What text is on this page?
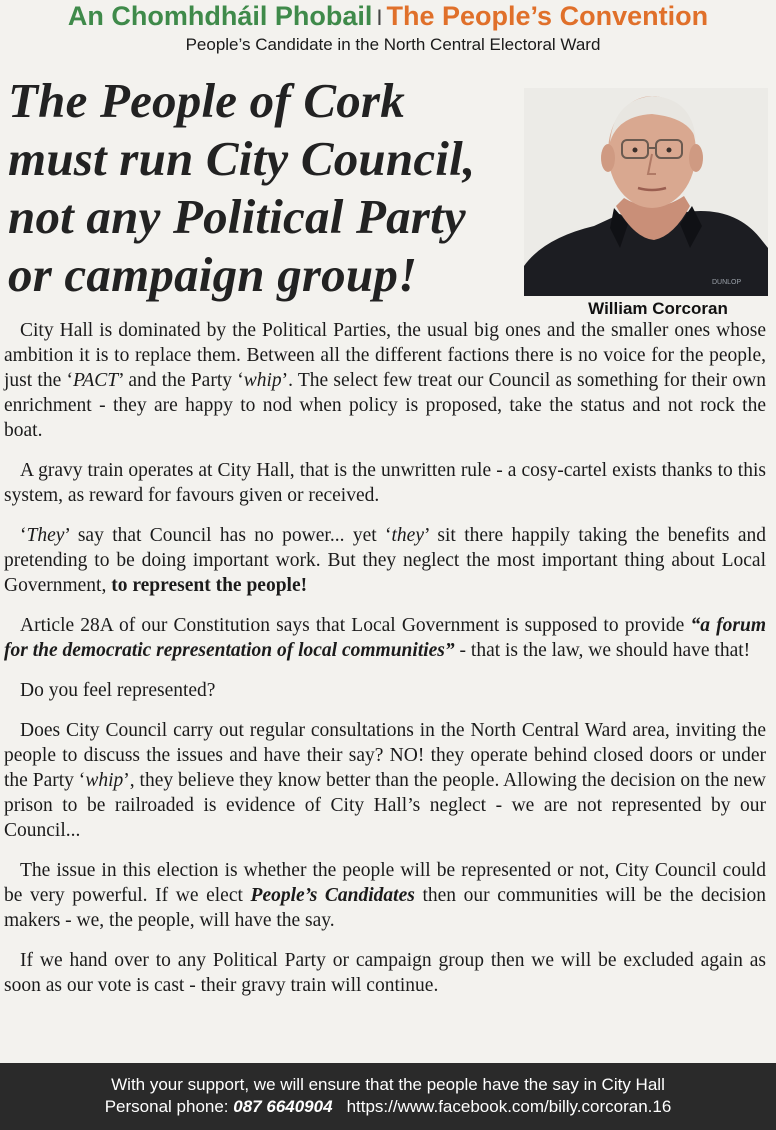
An Chomhdháil Phobail I The People’s Convention
People’s Candidate in the North Central Electoral Ward
The People of Cork
must run City Council,
not any Political Party
or campaign group!	DUNLOP
William Corcoran

City Hall is dominated by the Political Parties, the usual big ones and the smaller ones whose ambition it is to replace them. Between all the different factions there is no voice for the people, just the ‘PACT’ and the Party ‘whip’. The select few treat our Council as something for their own enrichment - they are happy to nod when policy is proposed, take the status and not rock the boat.

A gravy train operates at City Hall, that is the unwritten rule - a cosy-cartel exists thanks to this system, as reward for favours given or received.

‘They’ say that Council has no power... yet ‘they’ sit there happily taking the benefits and pretending to be doing important work. But they neglect the most important thing about Local Government, to represent the people!

Article 28A of our Constitution says that Local Government is supposed to provide “a forum for the democratic representation of local communities” - that is the law, we should have that!

Do you feel represented?

Does City Council carry out regular consultations in the North Central Ward area, inviting the people to discuss the issues and have their say? NO! they operate behind closed doors or under the Party ‘whip’, they believe they know better than the people. Allowing the decision on the new prison to be railroaded is evidence of City Hall’s neglect - we are not represented by our Council...

The issue in this election is whether the people will be represented or not, City Council could be very powerful. If we elect People’s Candidates then our communities will be the decision makers - we, the people, will have the say.

If we hand over to any Political Party or campaign group then we will be excluded again as soon as our vote is cast - their gravy train will continue.

With your support, we will ensure that the people have the say in City Hall
Personal phone: 087 6640904 https://www.facebook.com/billy.corcoran.16
